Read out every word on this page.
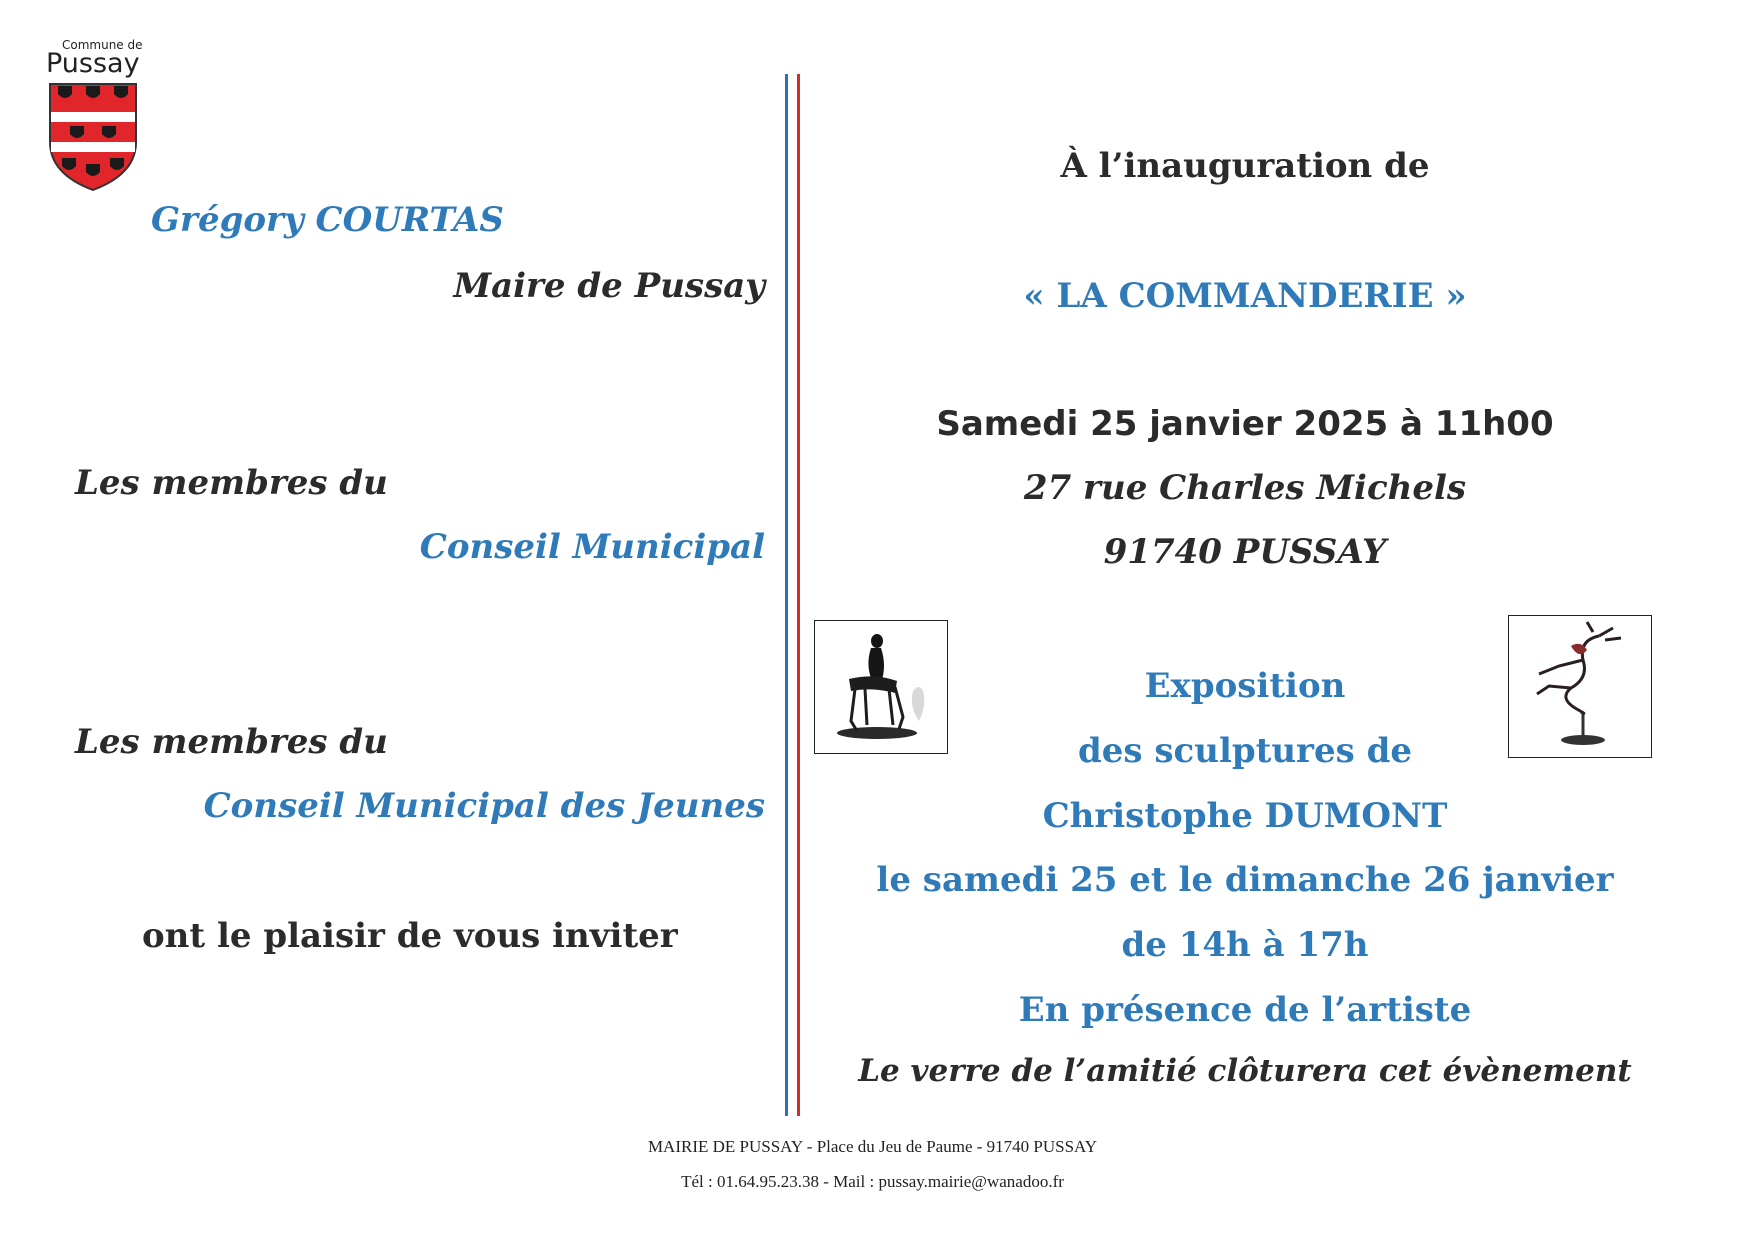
Commune de
Pussay

Grégory COURTAS

Maire de Pussay

Les membres du

Conseil Municipal

Les membres du

Conseil Municipal des Jeunes

ont le plaisir de vous inviter

À l’inauguration de

« LA COMMANDERIE »

Samedi 25 janvier 2025 à 11h00

27 rue Charles Michels

91740 PUSSAY

Exposition

des sculptures de

Christophe DUMONT

le samedi 25 et le dimanche 26 janvier

de 14h à 17h

En présence de l’artiste

Le verre de l’amitié clôturera cet évènement

MAIRIE DE PUSSAY - Place du Jeu de Paume - 91740 PUSSAY

Tél : 01.64.95.23.38 - Mail : pussay.mairie@wanadoo.fr
